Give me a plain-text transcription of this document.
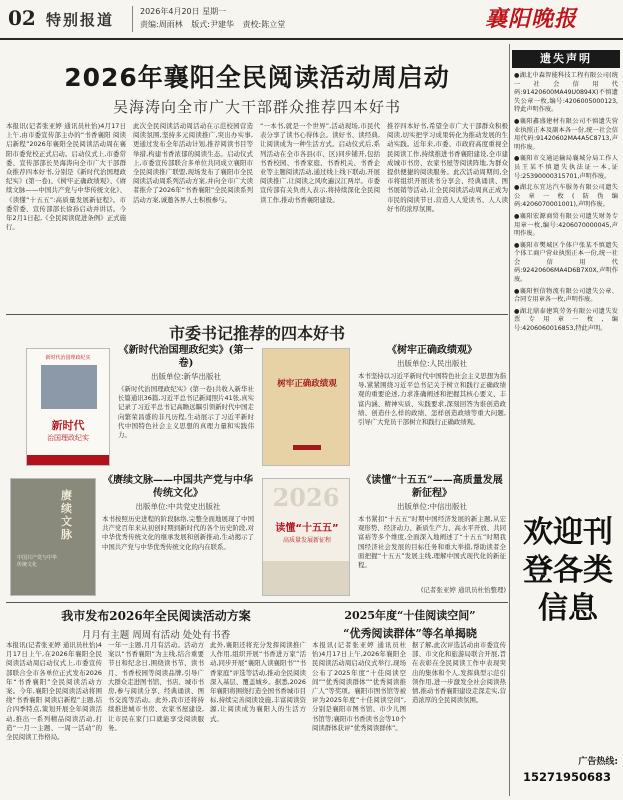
02 特别报道	2026年4月20日 星期一
责编:周雨林 版式:尹建华 责校:陈立堂	襄阳晚报
2026年襄阳全民阅读活动周启动
吴海涛向全市广大干部群众推荐四本好书
本报讯(记者张亚婷 通讯员杜怡)4月17日上午,由市委宣传部主办的“书香襄阳 阅读启新程”2026年襄阳全民阅读活动周在襄阳市委党校正式启动。启动仪式上,市委常委、宣传部部长吴海涛向全市广大干部群众推荐四本好书,分别是《新时代治国理政纪实》(第一卷)、《树牢正确政绩观》、《赓续文脉——中国共产党与中华传统文化》、《读懂“十五五”:高质量发展新征程》。市委常委、宣传部部长徐孙启动并讲话。今年2月1日起,《全民阅读促进条例》正式施行。
此次全民阅读活动周活动在示范校园营造阅读氛围,坚持多元阅读推广,突出办实事,更通过发布全年活动计划,推荐阅读书目等举措,构建书香浓郁的阅读生态。启动仪式上,市委宣传部联合多单位共同成立襄阳市全民阅读推广联盟,现场发布了襄阳市全民阅读活动周系列活动方案,并向全市广大读者推介了2026年“书香襄阳”全民阅读系列活动方案,诚邀各界人士积极参与。
“一本书,就是一个世界”,活动现场,市民代表分享了读书心得体会。读好书、读经典,让阅读成为一种生活方式。启动仪式后,系列活动在全市各县(市、区)同步铺开,包括书香校园、书香家庭、书香机关、书香企业等主题阅读活动,通过线上线下联动,开展阅读推广,让阅读之风吹遍汉江两岸。市委宣传部有关负责人表示,将持续深化全民阅读工作,推动书香襄阳建设。
推荐四本好书,希望全市广大干部群众积极阅读,切实把学习成果转化为推动发展的生动实践。近年来,市委、市政府高度重视全民阅读工作,持续推进书香襄阳建设,全市建成城市书房、农家书屋等阅读阵地,为群众提供便捷的阅读服务。此次活动周期间,全市将组织开展读书分享会、经典诵读、图书展销等活动,让全民阅读活动周真正成为市民的阅读节日,营造人人爱读书、人人读好书的浓厚氛围。
市委书记推荐的四本好书
新时代治国理政纪实
新时代
治国理政纪实
《新时代治国理政纪实》(第一卷)
出版单位:新华出版社
《新时代治国理政纪实》(第一卷)共收入新华社长篇通讯36篇,习近平总书记新闻照片41张,真实记录了习近平总书记高瞻远瞩引领新时代中国走向繁荣昌盛的非凡历程,生动展示了习近平新时代中国特色社会主义思想的真理力量和实践伟力。
树牢正确政绩观
《树牢正确政绩观》
出版单位:人民出版社
本书坚持以习近平新时代中国特色社会主义思想为指导,紧紧围绕习近平总书记关于树立和践行正确政绩观的重要论述,力求准确阐述和把握其核心要义、丰富内涵、精神实质、实践要求,深刻回答为谁创造政绩、创造什么样的政绩、怎样创造政绩等重大问题,引导广大党员干部树立和践行正确政绩观。
赓续文脉
中国共产党与中华传统文化
《赓续文脉——中国共产党与中华传统文化》
出版单位:中共党史出版社
本书按照历史进程的阶段脉络,完整全面地展现了中国共产党百年来从初创时期到新时代的各个历史阶段,对中华优秀传统文化的继承发展和创新推动,生动揭示了中国共产党与中华优秀传统文化的内在联系。
2026
读懂“十五五”
高质量发展新征程
《读懂“十五五”——高质量发展新征程》
出版单位:中信出版社
本书紧扣“十五五”时期中国经济发展的新主题,从宏观形势、经济动力、新质生产力、高水平开放、共同富裕等多个维度,全面深入地阐述了“十五五”时期我国经济社会发展的目标任务和重大举措,帮助读者全面把握“十五五”发展主线,理解中国式现代化的新征程。
(记者张亚婷 通讯员杜怡整理)
我市发布2026年全民阅读活动方案
月月有主题 周周有活动 处处有书香
本报讯(记者张亚婷 通讯员杜怡)4月17日上午,在2026年襄阳全民阅读活动周启动仪式上,市委宣传部联合全市各单位正式发布2026年“书香襄阳”全民阅读活动方案。今年,襄阳全民阅读活动将围绕“书香襄阳 阅读启新程”主题,结合四季特点,策划开展全年阅读活动,推出一系列精品阅读活动,打造“一月一主题、一周一活动”的全民阅读工作格局。
一年一主题,月月有活动。活动方案以“书香襄阳”为主线,结合重要节日和纪念日,围绕读书节、读书月、书香校园等阅读品牌,引导广大群众走进图书馆、书店、城市书房,参与阅读分享、经典诵读、图书交流等活动。此外,我市还将持续推进城市书房、农家书屋建设,让市民在家门口就能享受阅读服务。
此外,襄阳还将充分发挥阅读推广人作用,组织开展“书香进万家”活动,同步开展“襄阳人读襄阳书”“书香家庭”评选等活动,推动全民阅读深入基层、覆盖城乡。据悉,2026年襄阳将围绕打造全国书香城市目标,持续完善阅读设施,丰富阅读资源,让阅读成为襄阳人的生活方式。
2025年度“十佳阅读空间”
“优秀阅读群体”等名单揭晓
本报讯(记者张亚婷 通讯员杜怡)4月17日上午,2026年襄阳全民阅读活动周启动仪式举行,现场公布了2025年度“十佳阅读空间”“优秀阅读群体”“优秀阅读推广人”等奖项。襄阳市图书馆等被评为2025年度“十佳阅读空间”,分别是襄阳市图书馆、市少儿图书馆等;襄阳市书香读书会等10个阅读群体获评“优秀阅读群体”。
据了解,此次评选活动由市委宣传部、市文化和旅游局联合开展,旨在表彰在全民阅读工作中表现突出的集体和个人,发挥典型示范引领作用,进一步激发全社会阅读热情,推动书香襄阳建设走深走实,营造浓厚的全民阅读氛围。
遗失声明
●湖北中森智能科技工程有限公司(统一社会信用代码:91420600MA49U0894X)不慎遗失公章一枚,编号:4206005000123,特此声明作废。
●襄阳鑫盛建材有限公司不慎遗失营业执照正本及副本各一份,统一社会信用代码:91420602MA4A5C8713,声明作废。
●襄阳市交通运输局襄城分局工作人员王某不慎遗失执法证一本,证号:25390000315701,声明作废。
●湖北东宜达汽车服务有限公司遗失公章一枚(防伪编码:4206070001001),声明作废。
●襄阳宏源商贸有限公司遗失财务专用章一枚,编号:4206070000045,声明作废。
●襄阳市樊城区个体户张某不慎遗失个体工商户营业执照正本一份,统一社会信用代码:92420606MA4D6B7X0X,声明作废。
●襄阳恒信物流有限公司遗失公章、合同专用章各一枚,声明作废。
●湖北鼎泰建筑劳务有限公司遗失发票专用章一枚,编号:4206060016853,特此声明。
欢迎刊登各类信息
广告热线:
15271950683
